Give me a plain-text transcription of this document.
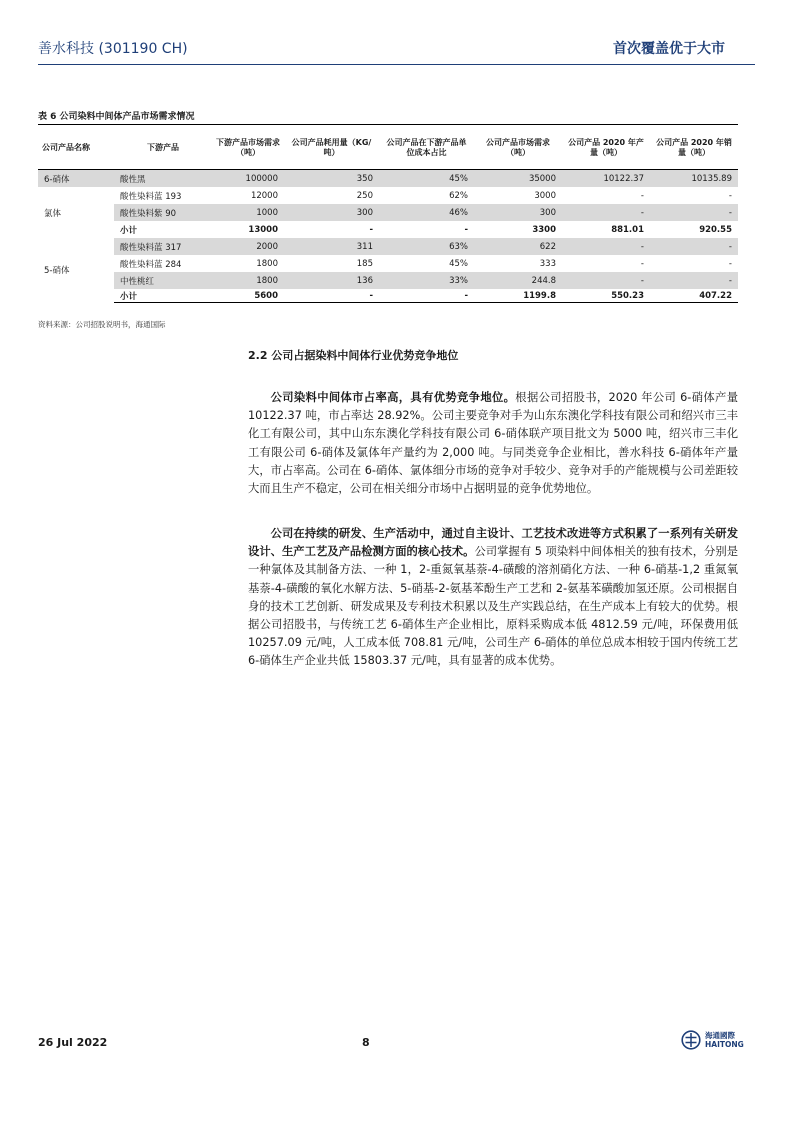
善水科技 (301190 CH)	首次覆盖优于大市
表 6 公司染料中间体产品市场需求情况
公司产品名称	下游产品	下游产品市场需求（吨）	公司产品耗用量（KG/吨）	公司产品在下游产品单位成本占比	公司产品市场需求（吨）	公司产品 2020 年产量（吨）	公司产品 2020 年销量（吨）
6-硝体	酸性黑	100000	350	45%	35000	10122.37	10135.89
氯体	酸性染料蓝 193	12000	250	62%	3000	-	-
	酸性染料紫 90	1000	300	46%	300	-	-
	小计	13000	-	-	3300	881.01	920.55
5-硝体	酸性染料蓝 317	2000	311	63%	622	-	-
	酸性染料蓝 284	1800	185	45%	333	-	-
	中性桃红	1800	136	33%	244.8	-	-
	小计	5600	-	-	1199.8	550.23	407.22
资料来源：公司招股说明书，海通国际
2.2 公司占据染料中间体行业优势竞争地位

公司染料中间体市占率高，具有优势竞争地位。根据公司招股书，2020 年公司 6-硝体产量 10122.37 吨，市占率达 28.92%。公司主要竞争对手为山东东澳化学科技有限公司和绍兴市三丰化工有限公司，其中山东东澳化学科技有限公司 6-硝体联产项目批文为 5000 吨，绍兴市三丰化工有限公司 6-硝体及氯体年产量约为 2,000 吨。与同类竞争企业相比，善水科技 6-硝体年产量大，市占率高。公司在 6-硝体、氯体细分市场的竞争对手较少、竞争对手的产能规模与公司差距较大而且生产不稳定，公司在相关细分市场中占据明显的竞争优势地位。

公司在持续的研发、生产活动中，通过自主设计、工艺技术改进等方式积累了一系列有关研发设计、生产工艺及产品检测方面的核心技术。公司掌握有 5 项染料中间体相关的独有技术，分别是一种氯体及其制备方法、一种 1，2-重氮氧基萘-4-磺酸的溶剂硝化方法、一种 6-硝基-1,2 重氮氧基萘-4-磺酸的氧化水解方法、5-硝基-2-氨基苯酚生产工艺和 2-氨基苯磺酸加氢还原。公司根据自身的技术工艺创新、研发成果及专利技术积累以及生产实践总结，在生产成本上有较大的优势。根据公司招股书，与传统工艺 6-硝体生产企业相比，原料采购成本低 4812.59 元/吨，环保费用低 10257.09 元/吨，人工成本低 708.81 元/吨，公司生产 6-硝体的单位总成本相较于国内传统工艺 6-硝体生产企业共低 15803.37 元/吨，具有显著的成本优势。

26 Jul 2022	8
海通國際
HAITONG
